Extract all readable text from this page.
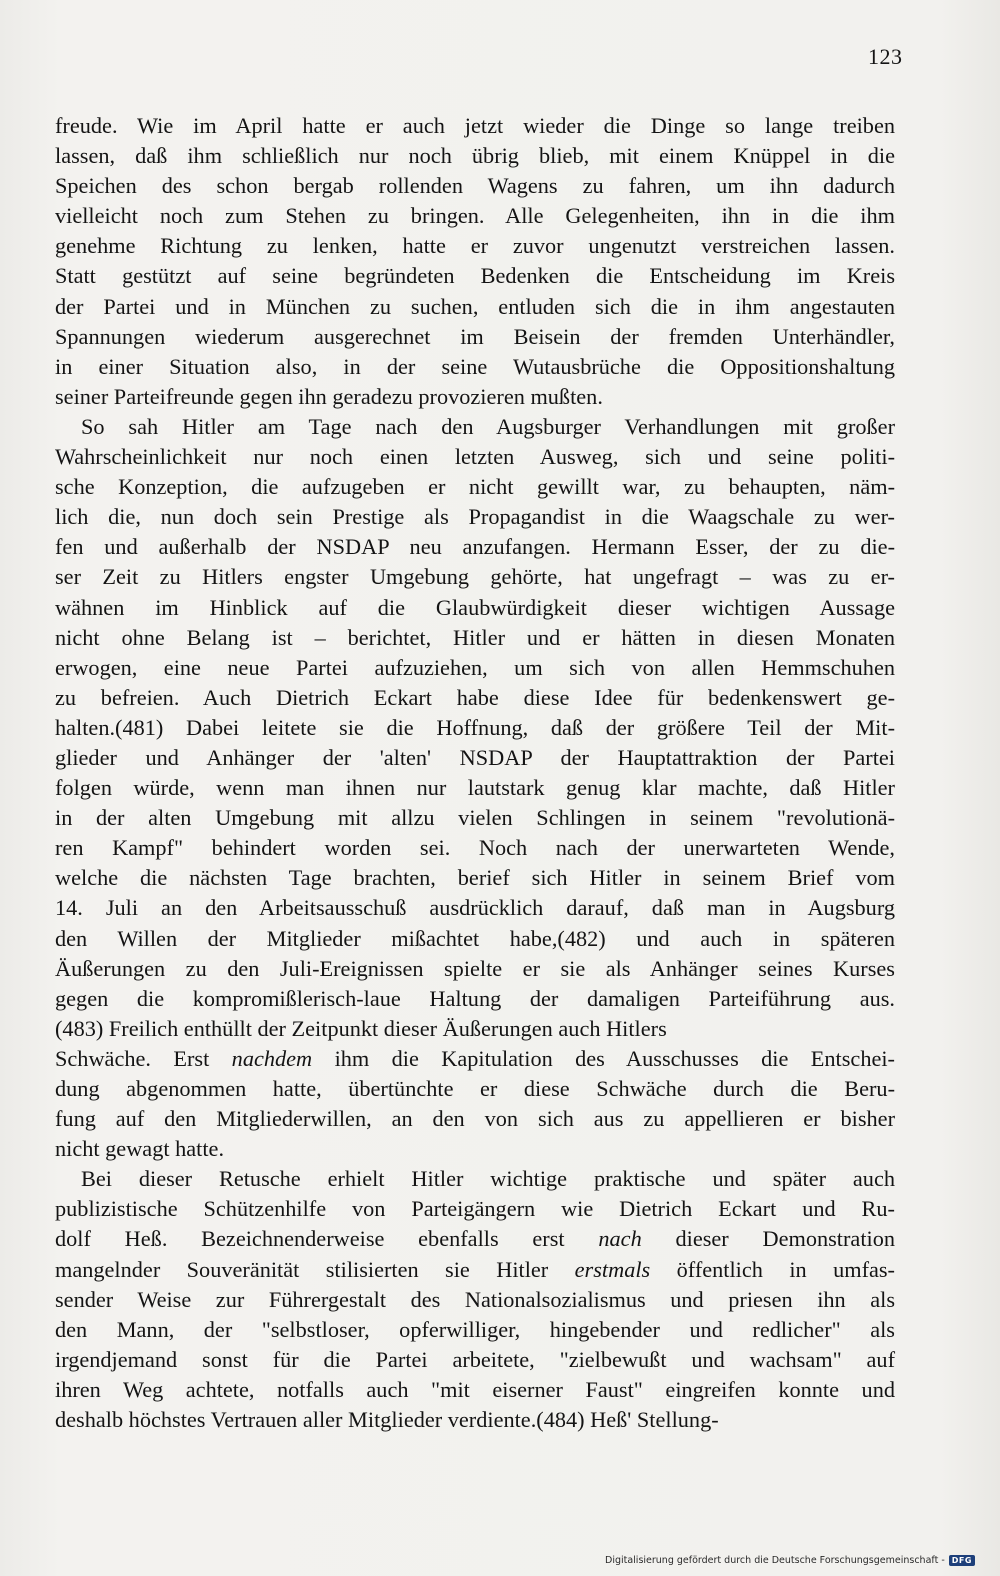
123
freude. Wie im April hatte er auch jetzt wieder die Dinge so lange treiben
lassen, daß ihm schließlich nur noch übrig blieb, mit einem Knüppel in die
Speichen des schon bergab rollenden Wagens zu fahren, um ihn dadurch
vielleicht noch zum Stehen zu bringen. Alle Gelegenheiten, ihn in die ihm
genehme Richtung zu lenken, hatte er zuvor ungenutzt verstreichen lassen.
Statt gestützt auf seine begründeten Bedenken die Entscheidung im Kreis
der Partei und in München zu suchen, entluden sich die in ihm angestauten
Spannungen wiederum ausgerechnet im Beisein der fremden Unterhändler,
in einer Situation also, in der seine Wutausbrüche die Oppositionshaltung
seiner Parteifreunde gegen ihn geradezu provozieren mußten.
So sah Hitler am Tage nach den Augsburger Verhandlungen mit großer
Wahrscheinlichkeit nur noch einen letzten Ausweg, sich und seine politi-
sche Konzeption, die aufzugeben er nicht gewillt war, zu behaupten, näm-
lich die, nun doch sein Prestige als Propagandist in die Waagschale zu wer-
fen und außerhalb der NSDAP neu anzufangen. Hermann Esser, der zu die-
ser Zeit zu Hitlers engster Umgebung gehörte, hat ungefragt – was zu er-
wähnen im Hinblick auf die Glaubwürdigkeit dieser wichtigen Aussage
nicht ohne Belang ist – berichtet, Hitler und er hätten in diesen Monaten
erwogen, eine neue Partei aufzuziehen, um sich von allen Hemmschuhen
zu befreien. Auch Dietrich Eckart habe diese Idee für bedenkenswert ge-
halten.(481) Dabei leitete sie die Hoffnung, daß der größere Teil der Mit-
glieder und Anhänger der 'alten' NSDAP der Hauptattraktion der Partei
folgen würde, wenn man ihnen nur lautstark genug klar machte, daß Hitler
in der alten Umgebung mit allzu vielen Schlingen in seinem "revolutionä-
ren Kampf" behindert worden sei. Noch nach der unerwarteten Wende,
welche die nächsten Tage brachten, berief sich Hitler in seinem Brief vom
14. Juli an den Arbeitsausschuß ausdrücklich darauf, daß man in Augsburg
den Willen der Mitglieder mißachtet habe,(482) und auch in späteren
Äußerungen zu den Juli-Ereignissen spielte er sie als Anhänger seines Kurses
gegen die kompromißlerisch-laue Haltung der damaligen Parteiführung aus.
(483) Freilich enthüllt der Zeitpunkt dieser Äußerungen auch Hitlers
Schwäche. Erst nachdem ihm die Kapitulation des Ausschusses die Entschei-
dung abgenommen hatte, übertünchte er diese Schwäche durch die Beru-
fung auf den Mitgliederwillen, an den von sich aus zu appellieren er bisher
nicht gewagt hatte.
Bei dieser Retusche erhielt Hitler wichtige praktische und später auch
publizistische Schützenhilfe von Parteigängern wie Dietrich Eckart und Ru-
dolf Heß. Bezeichnenderweise ebenfalls erst nach dieser Demonstration
mangelnder Souveränität stilisierten sie Hitler erstmals öffentlich in umfas-
sender Weise zur Führergestalt des Nationalsozialismus und priesen ihn als
den Mann, der "selbstloser, opferwilliger, hingebender und redlicher" als
irgendjemand sonst für die Partei arbeitete, "zielbewußt und wachsam" auf
ihren Weg achtete, notfalls auch "mit eiserner Faust" eingreifen konnte und
deshalb höchstes Vertrauen aller Mitglieder verdiente.(484) Heß' Stellung-
Digitalisierung gefördert durch die Deutsche Forschungsgemeinschaft - DFG
